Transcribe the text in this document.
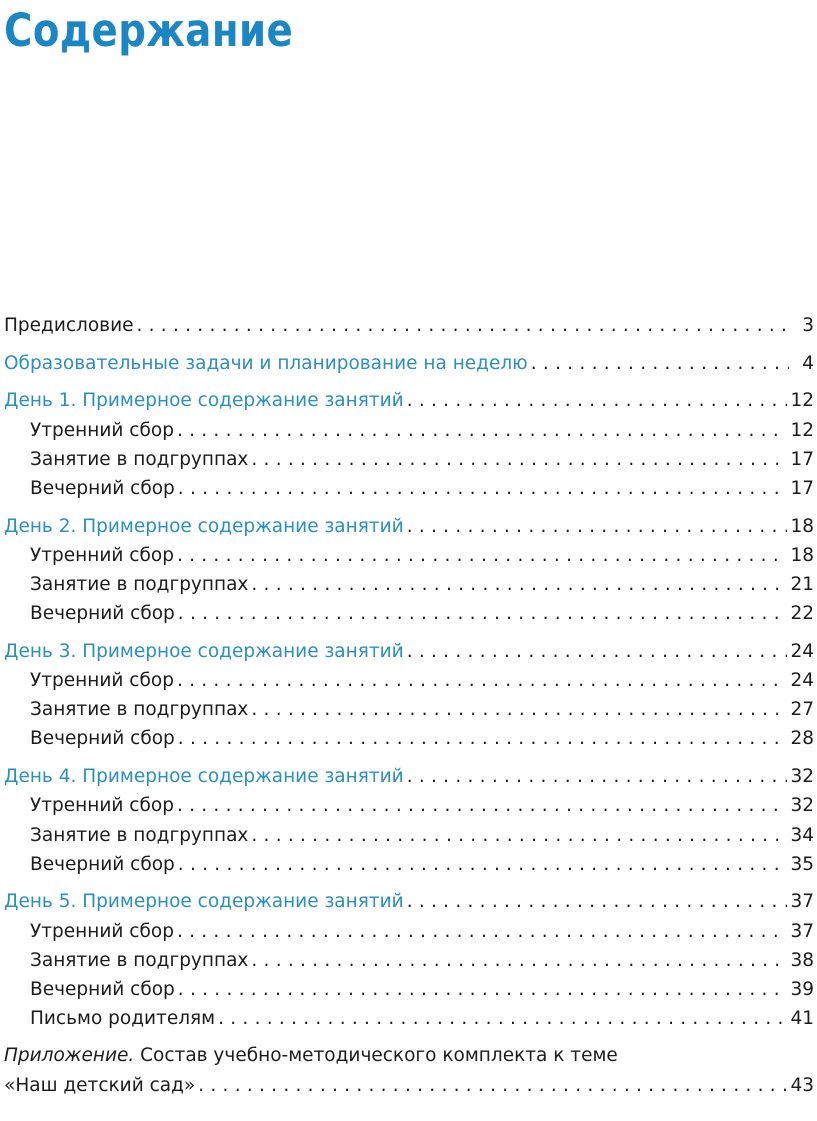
Содержание
Предисловие . . .	3
Образовательные задачи и планирование на неделю . . .	4
День 1. Примерное содержание занятий . . .	12
Утренний сбор . . .	12
Занятие в подгруппах . . .	17
Вечерний сбор . . .	17
День 2. Примерное содержание занятий . . .	18
Утренний сбор . . .	18
Занятие в подгруппах . . .	21
Вечерний сбор . . .	22
День 3. Примерное содержание занятий . . .	24
Утренний сбор . . .	24
Занятие в подгруппах . . .	27
Вечерний сбор . . .	28
День 4. Примерное содержание занятий . . .	32
Утренний сбор . . .	32
Занятие в подгруппах . . .	34
Вечерний сбор . . .	35
День 5. Примерное содержание занятий . . .	37
Утренний сбор . . .	37
Занятие в подгруппах . . .	38
Вечерний сбор . . .	39
Письмо родителям . . .	41
Приложение. Состав учебно-методического комплекта к теме
«Наш детский сад» . . .	43
